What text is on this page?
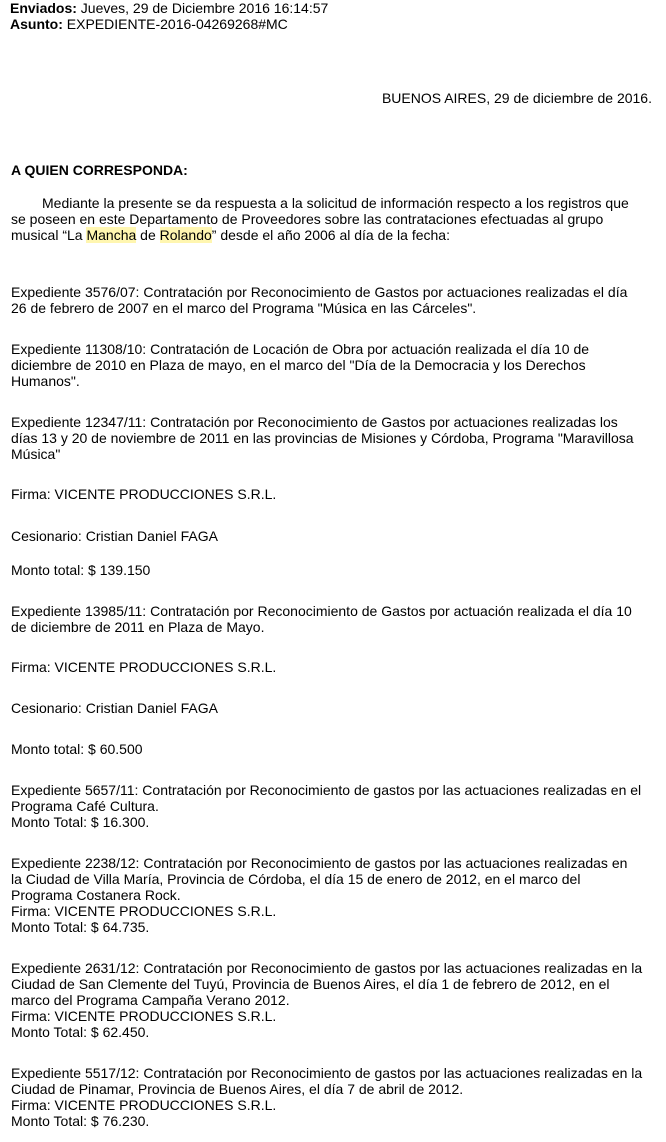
Enviados: Jueves, 29 de Diciembre 2016 16:14:57
Asunto: EXPEDIENTE-2016-04269268#MC
BUENOS AIRES, 29 de diciembre de 2016.
A QUIEN CORRESPONDA:
Mediante la presente se da respuesta a la solicitud de información respecto a los registros que
se poseen en este Departamento de Proveedores sobre las contrataciones efectuadas al grupo
musical “La Mancha de Rolando” desde el año 2006 al día de la fecha:
Expediente 3576/07: Contratación por Reconocimiento de Gastos por actuaciones realizadas el día
26 de febrero de 2007 en el marco del Programa "Música en las Cárceles".
Expediente 11308/10: Contratación de Locación de Obra por actuación realizada el día 10 de
diciembre de 2010 en Plaza de mayo, en el marco del "Día de la Democracia y los Derechos
Humanos".
Expediente 12347/11: Contratación por Reconocimiento de Gastos por actuaciones realizadas los
días 13 y 20 de noviembre de 2011 en las provincias de Misiones y Córdoba, Programa "Maravillosa
Música"
Firma: VICENTE PRODUCCIONES S.R.L.
Cesionario: Cristian Daniel FAGA
Monto total: $ 139.150
Expediente 13985/11: Contratación por Reconocimiento de Gastos por actuación realizada el día 10
de diciembre de 2011 en Plaza de Mayo.
Firma: VICENTE PRODUCCIONES S.R.L.
Cesionario: Cristian Daniel FAGA
Monto total: $ 60.500
Expediente 5657/11: Contratación por Reconocimiento de gastos por las actuaciones realizadas en el
Programa Café Cultura.
Monto Total: $ 16.300.
Expediente 2238/12: Contratación por Reconocimiento de gastos por las actuaciones realizadas en
la Ciudad de Villa María, Provincia de Córdoba, el día 15 de enero de 2012, en el marco del
Programa Costanera Rock.
Firma: VICENTE PRODUCCIONES S.R.L.
Monto Total: $ 64.735.
Expediente 2631/12: Contratación por Reconocimiento de gastos por las actuaciones realizadas en la
Ciudad de San Clemente del Tuyú, Provincia de Buenos Aires, el día 1 de febrero de 2012, en el
marco del Programa Campaña Verano 2012.
Firma: VICENTE PRODUCCIONES S.R.L.
Monto Total: $ 62.450.
Expediente 5517/12: Contratación por Reconocimiento de gastos por las actuaciones realizadas en la
Ciudad de Pinamar, Provincia de Buenos Aires, el día 7 de abril de 2012.
Firma: VICENTE PRODUCCIONES S.R.L.
Monto Total: $ 76.230.
